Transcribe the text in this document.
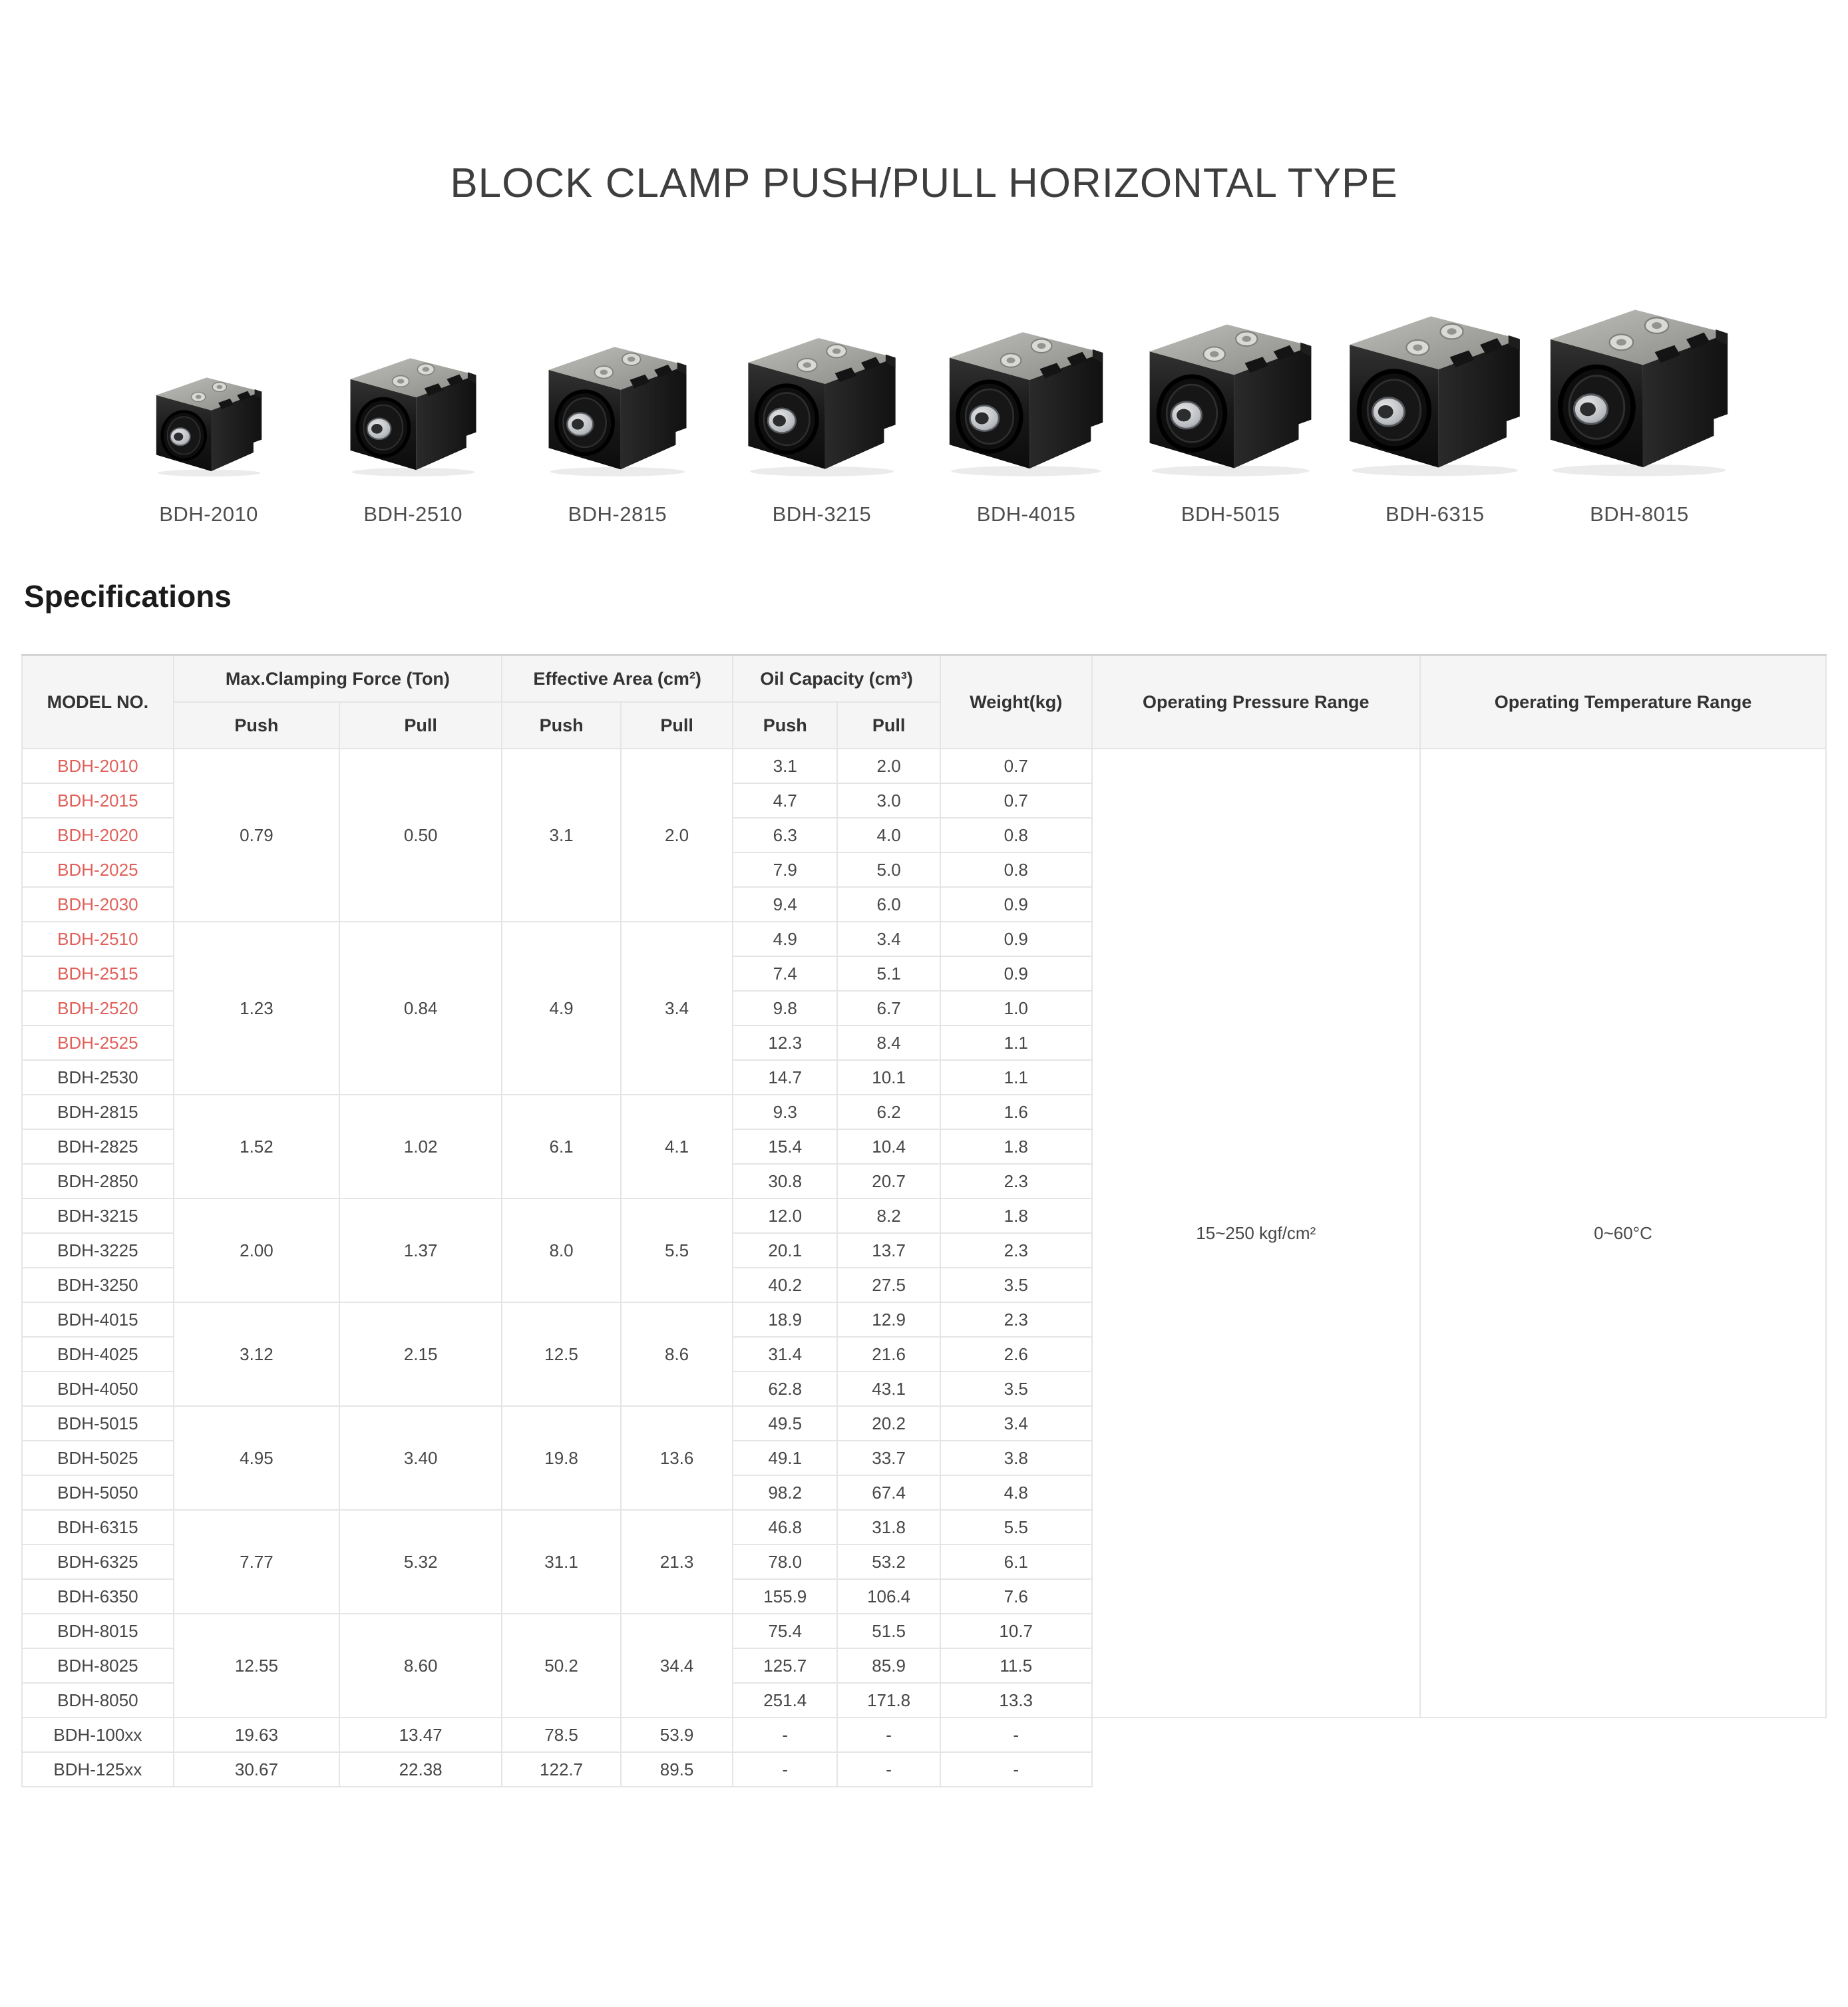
BLOCK CLAMP PUSH/PULL HORIZONTAL TYPE
BDH-2010	BDH-2510	BDH-2815	BDH-3215	BDH-4015	BDH-5015	BDH-6315	BDH-8015
Specifications
MODEL NO.	Max.Clamping Force (Ton)		Effective Area (cm²)		Oil Capacity (cm³)		Weight(kg)	Operating Pressure Range	Operating Temperature Range
	Push	Pull	Push	Pull	Push	Pull			
BDH-2010	0.79	0.50	3.1	2.0	3.1	2.0	0.7	15~250 kgf/cm²	0~60°C
BDH-2015					4.7	3.0	0.7		
BDH-2020					6.3	4.0	0.8		
BDH-2025					7.9	5.0	0.8		
BDH-2030					9.4	6.0	0.9		
BDH-2510	1.23	0.84	4.9	3.4	4.9	3.4	0.9		
BDH-2515					7.4	5.1	0.9		
BDH-2520					9.8	6.7	1.0		
BDH-2525					12.3	8.4	1.1		
BDH-2530					14.7	10.1	1.1		
BDH-2815	1.52	1.02	6.1	4.1	9.3	6.2	1.6		
BDH-2825					15.4	10.4	1.8		
BDH-2850					30.8	20.7	2.3		
BDH-3215	2.00	1.37	8.0	5.5	12.0	8.2	1.8		
BDH-3225					20.1	13.7	2.3		
BDH-3250					40.2	27.5	3.5		
BDH-4015	3.12	2.15	12.5	8.6	18.9	12.9	2.3		
BDH-4025					31.4	21.6	2.6		
BDH-4050					62.8	43.1	3.5		
BDH-5015	4.95	3.40	19.8	13.6	49.5	20.2	3.4		
BDH-5025					49.1	33.7	3.8		
BDH-5050					98.2	67.4	4.8		
BDH-6315	7.77	5.32	31.1	21.3	46.8	31.8	5.5		
BDH-6325					78.0	53.2	6.1		
BDH-6350					155.9	106.4	7.6		
BDH-8015	12.55	8.60	50.2	34.4	75.4	51.5	10.7		
BDH-8025					125.7	85.9	11.5		
BDH-8050					251.4	171.8	13.3		
BDH-100xx	19.63	13.47	78.5	53.9	-	-	-		
BDH-125xx	30.67	22.38	122.7	89.5	-	-	-		
